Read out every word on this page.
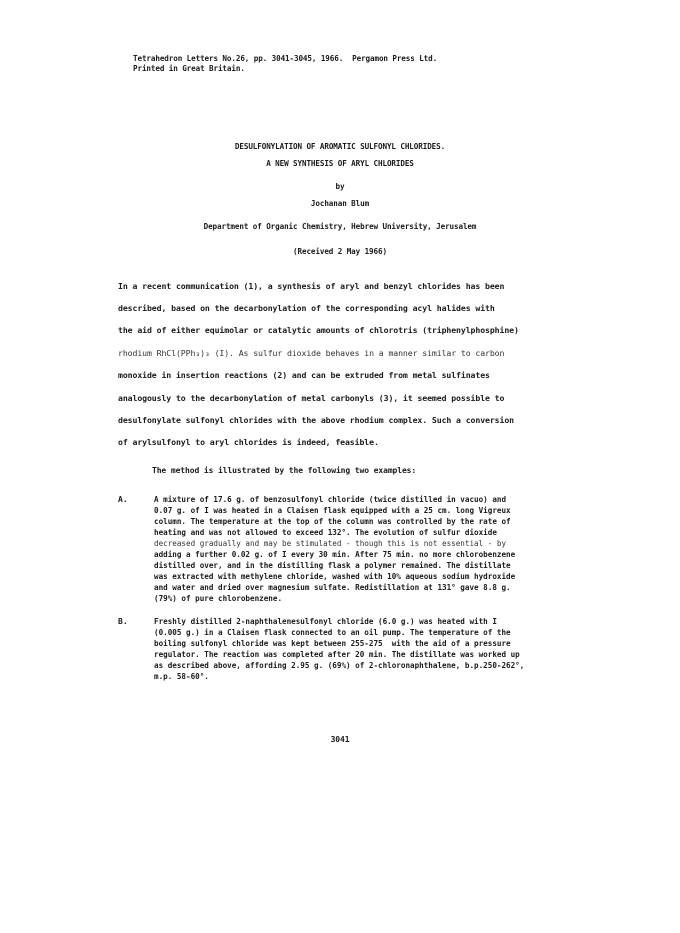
Tetrahedron Letters No.26, pp. 3041-3045, 1966.  Pergamon Press Ltd.
Printed in Great Britain.
DESULFONYLATION OF AROMATIC SULFONYL CHLORIDES.
A NEW SYNTHESIS OF ARYL CHLORIDES
by
Jochanan Blum
Department of Organic Chemistry, Hebrew University, Jerusalem
(Received 2 May 1966)
In a recent communication (1), a synthesis of aryl and benzyl chlorides has been
described, based on the decarbonylation of the corresponding acyl halides with
the aid of either equimolar or catalytic amounts of chlorotris (triphenylphosphine)
rhodium RhCl(PPh₃)₃ (I). As sulfur dioxide behaves in a manner similar to carbon
monoxide in insertion reactions (2) and can be extruded from metal sulfinates
analogously to the decarbonylation of metal carbonyls (3), it seemed possible to
desulfonylate sulfonyl chlorides with the above rhodium complex. Such a conversion
of arylsulfonyl to aryl chlorides is indeed, feasible.
The method is illustrated by the following two examples:
A.	A mixture of 17.6 g. of benzosulfonyl chloride (twice distilled in vacuo) and
0.07 g. of I was heated in a Claisen flask equipped with a 25 cm. long Vigreux
column. The temperature at the top of the column was controlled by the rate of
heating and was not allowed to exceed 132°. The evolution of sulfur dioxide
decreased gradually and may be stimulated - though this is not essential - by
adding a further 0.02 g. of I every 30 min. After 75 min. no more chlorobenzene
distilled over, and in the distilling flask a polymer remained. The distillate
was extracted with methylene chloride, washed with 10% aqueous sodium hydroxide
and water and dried over magnesium sulfate. Redistillation at 131° gave 8.8 g.
(79%) of pure chlorobenzene.
B.	Freshly distilled 2-naphthalenesulfonyl chloride (6.0 g.) was heated with I
(0.005 g.) in a Claisen flask connected to an oil pump. The temperature of the
boiling sulfonyl chloride was kept between 255-275  with the aid of a pressure
regulator. The reaction was completed after 20 min. The distillate was worked up
as described above, affording 2.95 g. (69%) of 2-chloronaphthalene, b.p.250-262°,
m.p. 58-60°.
3041
